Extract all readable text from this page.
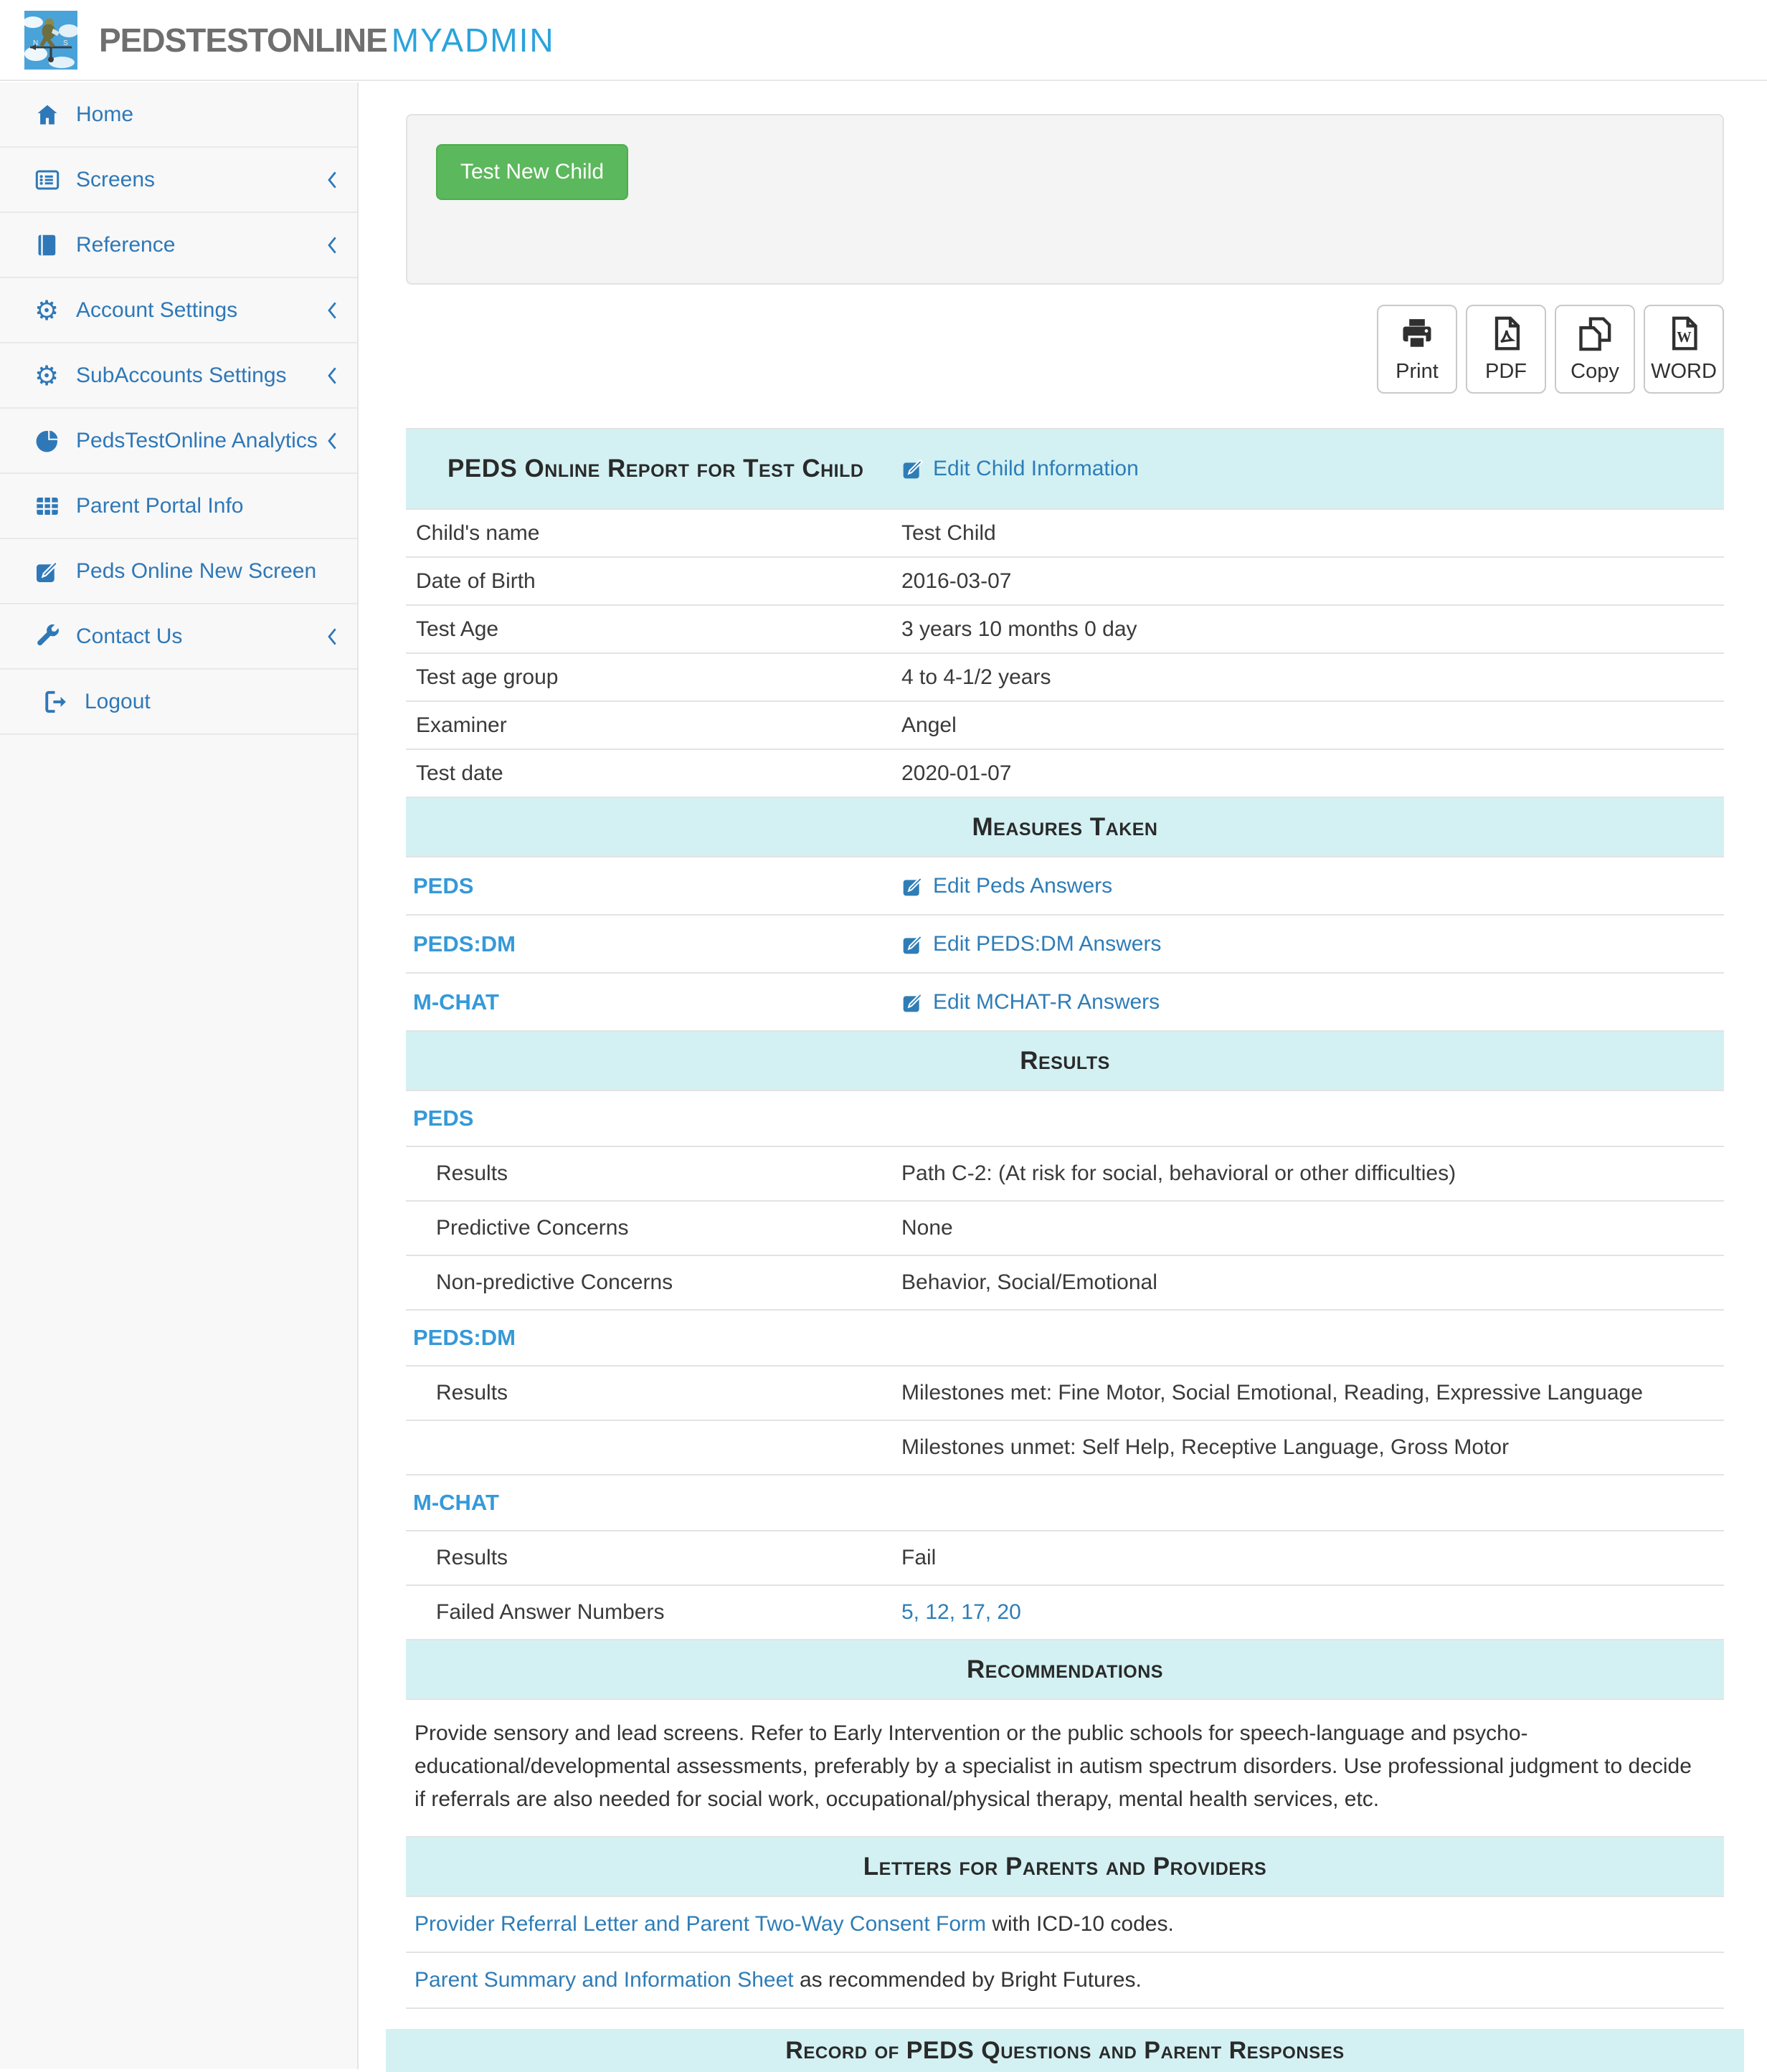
N	S PEDSTESTONLINE MYADMIN
Home
Screens
Reference
⚙ Account Settings
⚙ SubAccounts Settings
PedsTestOnline Analytics
Parent Portal Info
Peds Online New Screen
Contact Us
Logout
Test New Child
Print PDF Copy WORD
PEDS Online Report for Test Child	Edit Child Information
Child's name	Test Child
Date of Birth	2016-03-07
Test Age	3 years 10 months 0 day
Test age group	4 to 4-1/2 years
Examiner	Angel
Test date	2020-01-07
Measures Taken
PEDS	Edit Peds Answers
PEDS:DM	Edit PEDS:DM Answers
M-CHAT	Edit MCHAT-R Answers
Results
PEDS
Results	Path C-2: (At risk for social, behavioral or other difficulties)
Predictive Concerns	None
Non-predictive Concerns	Behavior, Social/Emotional
PEDS:DM
Results	Milestones met: Fine Motor, Social Emotional, Reading, Expressive Language
Milestones unmet: Self Help, Receptive Language, Gross Motor
M-CHAT
Results	Fail
Failed Answer Numbers	5, 12, 17, 20
Recommendations

Provide sensory and lead screens. Refer to Early Intervention or the public schools for speech-language and psycho-educational/developmental assessments, preferably by a specialist in autism spectrum disorders. Use professional judgment to decide if referrals are also needed for social work, occupational/physical therapy, mental health services, etc.

Letters for Parents and Providers
Provider Referral Letter and Parent Two-Way Consent Form with ICD-10 codes.
Parent Summary and Information Sheet as recommended by Bright Futures.
Record of PEDS Questions and Parent Responses
